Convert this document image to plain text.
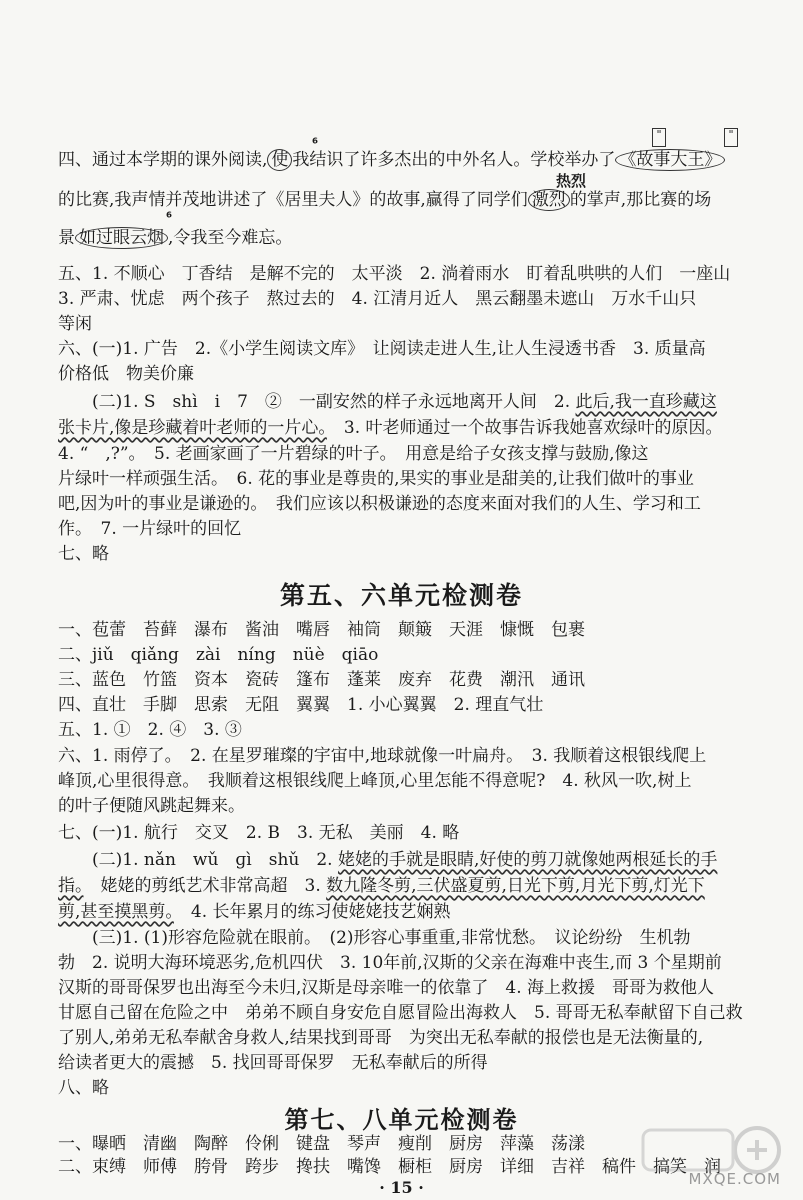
⁶
"	"
热烈
⁶
四、通过本学期的课外阅读, 使 我结识了许多杰出的中外名人。学校举办了 《故事大王》
的比赛,我声情并茂地讲述了《居里夫人》的故事,赢得了同学们 激烈 的掌声,那比赛的场
景 如过眼云烟 ,令我至今难忘。
五、1. 不顺心　丁香结　是解不完的　太平淡　2. 淌着雨水　盯着乱哄哄的人们　一座山
3. 严肃、忧虑　两个孩子　熬过去的　4. 江清月近人　黑云翻墨未遮山　万水千山只
等闲
六、(一)1. 广告　2.《小学生阅读文库》　让阅读走进人生,让人生浸透书香　3. 质量高
价格低　物美价廉
(二)1. S　shì　i　7　②　一副安然的样子永远地离开人间　2. 此后,我一直珍藏这
张卡片,像是珍藏着叶老师的一片心。　3. 叶老师通过一个故事告诉我她喜欢绿叶的原因。
4. “　,?”。　5. 老画家画了一片碧绿的叶子。　用意是给子女孩支撑与鼓励,像这
片绿叶一样顽强生活。　6. 花的事业是尊贵的,果实的事业是甜美的,让我们做叶的事业
吧,因为叶的事业是谦逊的。　我们应该以积极谦逊的态度来面对我们的人生、学习和工
作。　7. 一片绿叶的回忆
七、略
第五、六单元检测卷
一、苞蕾　苔藓　瀑布　酱油　嘴唇　袖筒　颠簸　天涯　慷慨　包裹
二、jiǔ　qiǎng　zài　níng　nüè　qiāo
三、蓝色　竹篮　资本　瓷砖　篷布　蓬莱　废弃　花费　潮汛　通讯
四、直壮　手脚　思索　无阻　翼翼　1. 小心翼翼　2. 理直气壮
五、1. ①　2. ④　3. ③
六、1. 雨停了。　2. 在星罗璀璨的宇宙中,地球就像一叶扁舟。　3. 我顺着这根银线爬上
峰顶,心里很得意。　我顺着这根银线爬上峰顶,心里怎能不得意呢?　4. 秋风一吹,树上
的叶子便随风跳起舞来。
七、(一)1. 航行　交叉　2. B　3. 无私　美丽　4. 略
(二)1. nǎn　wǔ　ɡì　shǔ　2. 姥姥的手就是眼睛,好使的剪刀就像她两根延长的手
指。　姥姥的剪纸艺术非常高超　3. 数九隆冬剪,三伏盛夏剪,日光下剪,月光下剪,灯光下
剪,甚至摸黑剪。　4. 长年累月的练习使姥姥技艺娴熟
(三)1. (1)形容危险就在眼前。　(2)形容心事重重,非常忧愁。　议论纷纷　生机勃
勃　2. 说明大海环境恶劣,危机四伏　3. 10年前,汉斯的父亲在海难中丧生,而 3 个星期前
汉斯的哥哥保罗也出海至今未归,汉斯是母亲唯一的依靠了　4. 海上救援　哥哥为救他人
甘愿自己留在危险之中　弟弟不顾自身安危自愿冒险出海救人　5. 哥哥无私奉献留下自己救
了别人,弟弟无私奉献舍身救人,结果找到哥哥　为突出无私奉献的报偿也是无法衡量的,
给读者更大的震撼　5. 找回哥哥保罗　无私奉献后的所得
八、略
第七、八单元检测卷
一、曝晒　清幽　陶醉　伶俐　键盘　琴声　瘦削　厨房　萍藻　荡漾
二、束缚　师傅　胯骨　跨步　搀扶　嘴馋　橱柜　厨房　详细　吉祥　稿件　搞笑　润
· 15 ·	MXQE.COM
